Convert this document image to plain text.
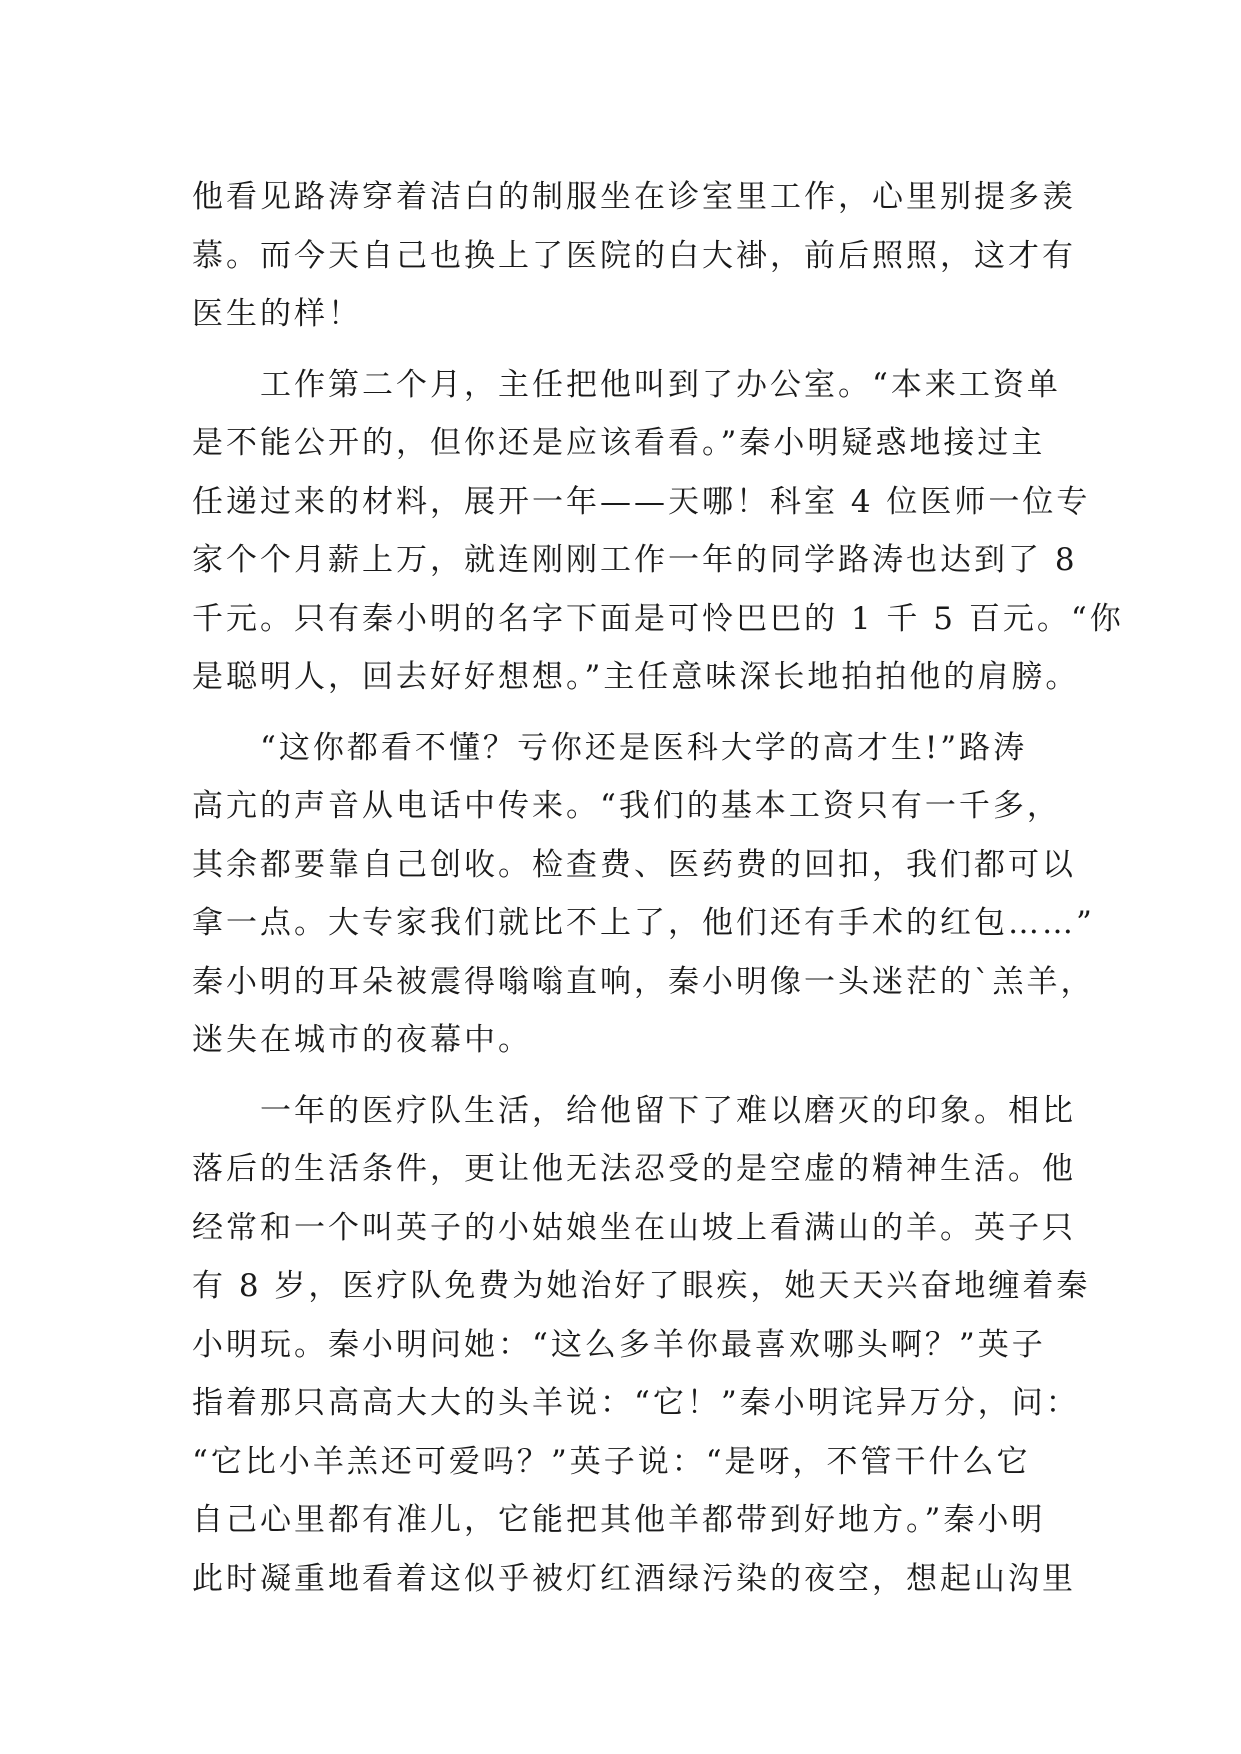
他看见路涛穿着洁白的制服坐在诊室里工作，心里别提多羡
慕。而今天自己也换上了医院的白大褂，前后照照，这才有
医生的样！
　　工作第二个月，主任把他叫到了办公室。“本来工资单
是不能公开的，但你还是应该看看。”秦小明疑惑地接过主
任递过来的材料，展开一年——天哪！科室 4 位医师一位专
家个个月薪上万，就连刚刚工作一年的同学路涛也达到了 8
千元。只有秦小明的名字下面是可怜巴巴的 1 千 5 百元。“你
是聪明人，回去好好想想。”主任意味深长地拍拍他的肩膀。
　　“这你都看不懂？亏你还是医科大学的高才生!”路涛
高亢的声音从电话中传来。“我们的基本工资只有一千多，
其余都要靠自己创收。检查费、医药费的回扣，我们都可以
拿一点。大专家我们就比不上了，他们还有手术的红包……”
秦小明的耳朵被震得嗡嗡直响，秦小明像一头迷茫的`羔羊，
迷失在城市的夜幕中。
　　一年的医疗队生活，给他留下了难以磨灭的印象。相比
落后的生活条件，更让他无法忍受的是空虚的精神生活。他
经常和一个叫英子的小姑娘坐在山坡上看满山的羊。英子只
有 8 岁，医疗队免费为她治好了眼疾，她天天兴奋地缠着秦
小明玩。秦小明问她：“这么多羊你最喜欢哪头啊？”英子
指着那只高高大大的头羊说：“它！”秦小明诧异万分，问：
“它比小羊羔还可爱吗？”英子说：“是呀，不管干什么它
自己心里都有准儿，它能把其他羊都带到好地方。”秦小明
此时凝重地看着这似乎被灯红酒绿污染的夜空，想起山沟里
